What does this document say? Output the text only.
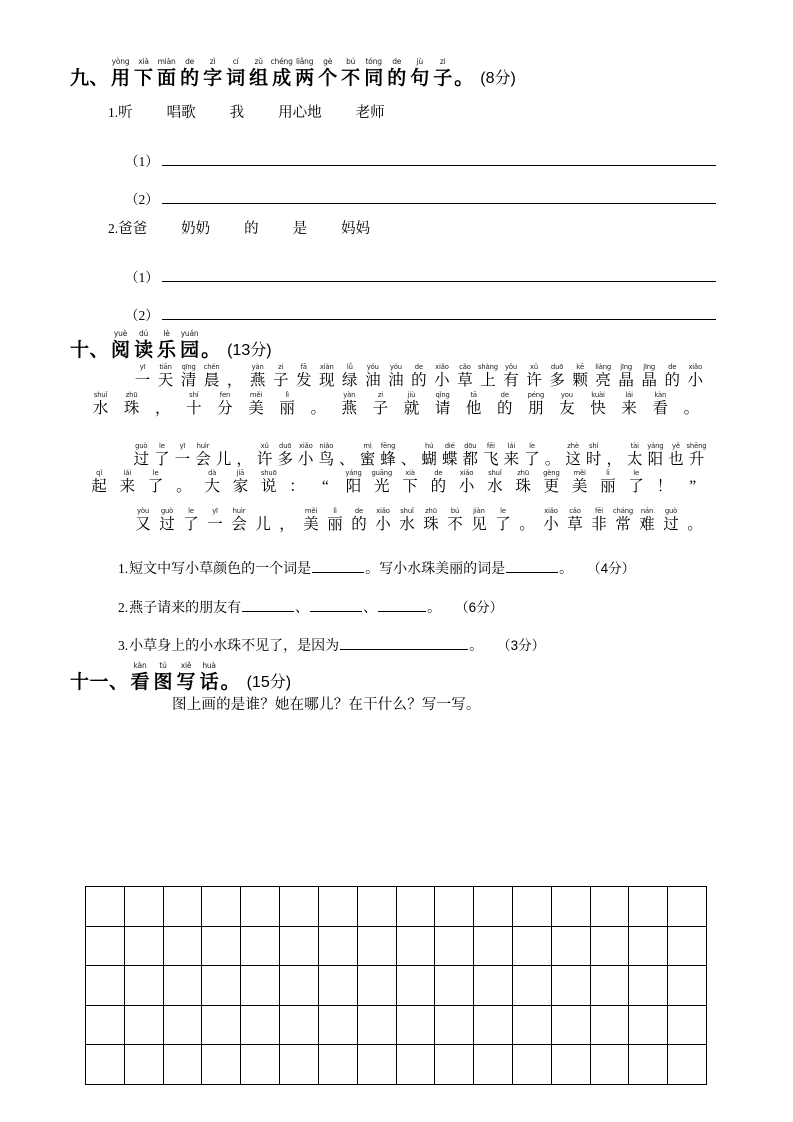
九、
yòng
用
xià
下
miàn
面
de
的
zì
字
cí
词
zǔ
组
chéng
成
liǎng
两
gè
个
bú
不
tóng
同
de
的
jù
句
zi
子 。 (8分)
1.听 唱歌 我 用心地 老师
（1）
（2）
2.爸爸 奶奶 的 是 妈妈
（1）
（2）
十、
yuè
阅
dú
读
lè
乐
yuán
园 。 (13分)
yī
一
tiān
天
qīng
清
chén
晨 ，
yàn
燕
zi
子
fā
发
xiàn
现
lǜ
绿
yóu
油
yóu
油
de
的
xiǎo
小
cǎo
草
shàng
上
yǒu
有
xǔ
许
duō
多
kē
颗
liàng
亮
jīng
晶
jīng
晶
de
的
xiǎo
小
shuǐ
水
zhū
珠 ，
shí
十
fen
分
měi
美
lì
丽 。
yàn
燕
zi
子
jiù
就
qǐng
请
tā
他
de
的
péng
朋
you
友
kuài
快
lái
来
kàn
看 。
guò
过
le
了
yī
一
huìr
会 儿 ，
xǔ
许
duō
多
xiǎo
小
niǎo
鸟 、
mì
蜜
fēng
蜂 、
hú
蝴
dié
蝶
dōu
都
fēi
飞
lái
来
le
了 。
zhè
这
shí
时 ，
tài
太
yáng
阳
yě
也
shēng
升
qǐ
起
lái
来
le
了 。
dà
大
jiā
家
shuō
说 ： “
yáng
阳
guāng
光
xià
下
de
的
xiǎo
小
shuǐ
水
zhū
珠
gèng
更
měi
美
lì
丽
le
了 ！ ”
yòu
又
guò
过
le
了
yī
一
huìr
会 儿 ，
měi
美
lì
丽
de
的
xiǎo
小
shuǐ
水
zhū
珠
bú
不
jiàn
见
le
了 。
xiǎo
小
cǎo
草
fēi
非
cháng
常
nán
难
guò
过 。
1. 短文中写小草颜色的一个词是	。写小水珠美丽的词是	。	（4分）
2. 燕子请来的朋友有	、	、	。	（6分）
3. 小草身上的小水珠不见了，是因为	。	（3分）
十一、
kàn
看
tú
图
xiě
写
huà
话 。 (15分)
图上画的是谁？她在哪儿？在干什么？写一写。
